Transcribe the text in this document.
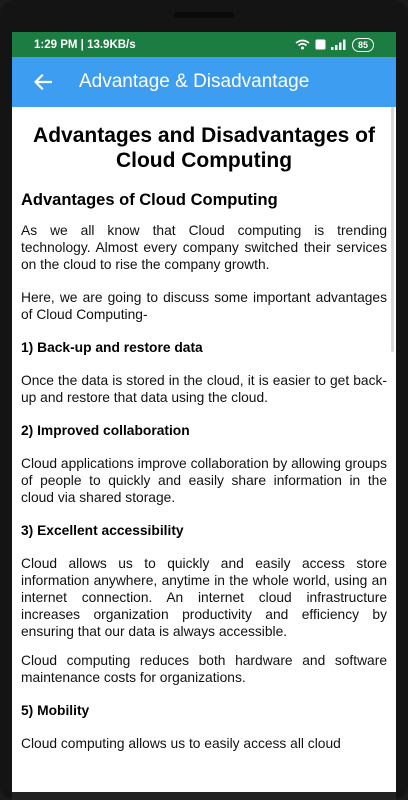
1:29 PM | 13.9KB/s	85
Advantage & Disadvantage
Advantages and Disadvantages of Cloud Computing
Advantages of Cloud Computing

As we all know that Cloud computing is trending technology. Almost every company switched their services on the cloud to rise the company growth.

Here, we are going to discuss some important advantages of Cloud Computing-

1) Back-up and restore data

Once the data is stored in the cloud, it is easier to get back-up and restore that data using the cloud.

2) Improved collaboration

Cloud applications improve collaboration by allowing groups of people to quickly and easily share information in the cloud via shared storage.

3) Excellent accessibility

Cloud allows us to quickly and easily access store information anywhere, anytime in the whole world, using an internet connection. An internet cloud infrastructure increases organization productivity and efficiency by ensuring that our data is always accessible.

Cloud computing reduces both hardware and software maintenance costs for organizations.

5) Mobility

Cloud computing allows us to easily access all cloud
